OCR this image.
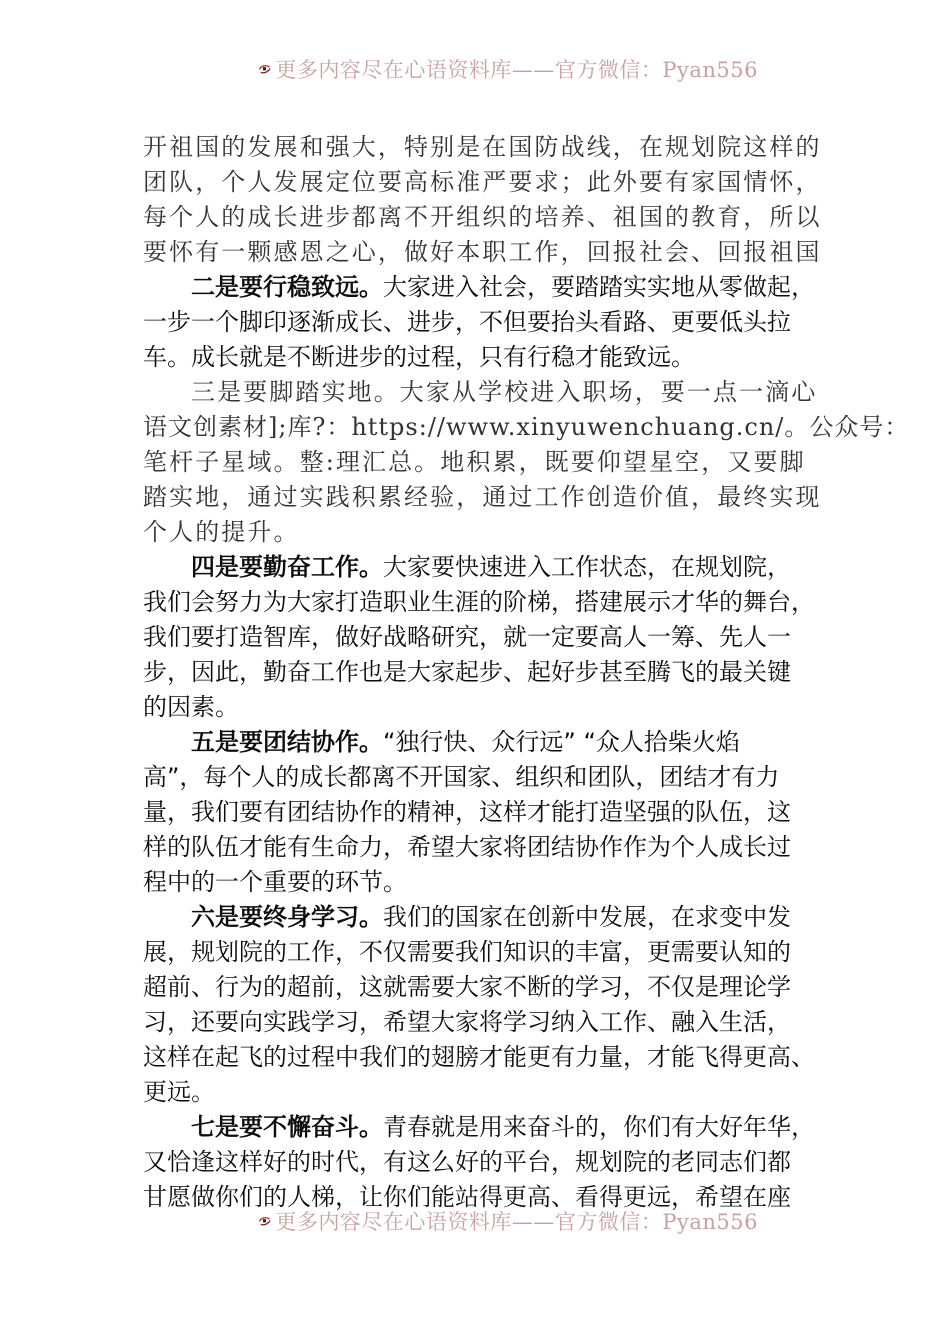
更多内容尽在心语资料库——官方微信：Pyan556
开祖国的发展和强大，特别是在国防战线，在规划院这样的
团队，个人发展定位要高标准严要求；此外要有家国情怀，
每个人的成长进步都离不开组织的培养、祖国的教育，所以
要怀有一颗感恩之心，做好本职工作，回报社会、回报祖国
二是要行稳致远。大家进入社会，要踏踏实实地从零做起，
一步一个脚印逐渐成长、进步，不但要抬头看路、更要低头拉
车。成长就是不断进步的过程，只有行稳才能致远。
三是要脚踏实地。大家从学校进入职场，要一点一滴心
语文创素材];库?：https://www.xinyuwenchuang.cn/。公众号：
笔杆子星域。整:理汇总。地积累，既要仰望星空，又要脚
踏实地，通过实践积累经验，通过工作创造价值，最终实现
个人的提升。
四是要勤奋工作。大家要快速进入工作状态，在规划院，
我们会努力为大家打造职业生涯的阶梯，搭建展示才华的舞台，
我们要打造智库，做好战略研究，就一定要高人一筹、先人一
步，因此，勤奋工作也是大家起步、起好步甚至腾飞的最关键
的因素。
五是要团结协作。“独行快、众行远” “众人拾柴火焰
高”，每个人的成长都离不开国家、组织和团队，团结才有力
量，我们要有团结协作的精神，这样才能打造坚强的队伍，这
样的队伍才能有生命力，希望大家将团结协作作为个人成长过
程中的一个重要的环节。
六是要终身学习。我们的国家在创新中发展，在求变中发
展，规划院的工作，不仅需要我们知识的丰富，更需要认知的
超前、行为的超前，这就需要大家不断的学习，不仅是理论学
习，还要向实践学习，希望大家将学习纳入工作、融入生活，
这样在起飞的过程中我们的翅膀才能更有力量，才能飞得更高、
更远。
七是要不懈奋斗。青春就是用来奋斗的，你们有大好年华，
又恰逢这样好的时代，有这么好的平台，规划院的老同志们都
甘愿做你们的人梯，让你们能站得更高、看得更远，希望在座
更多内容尽在心语资料库——官方微信：Pyan556
